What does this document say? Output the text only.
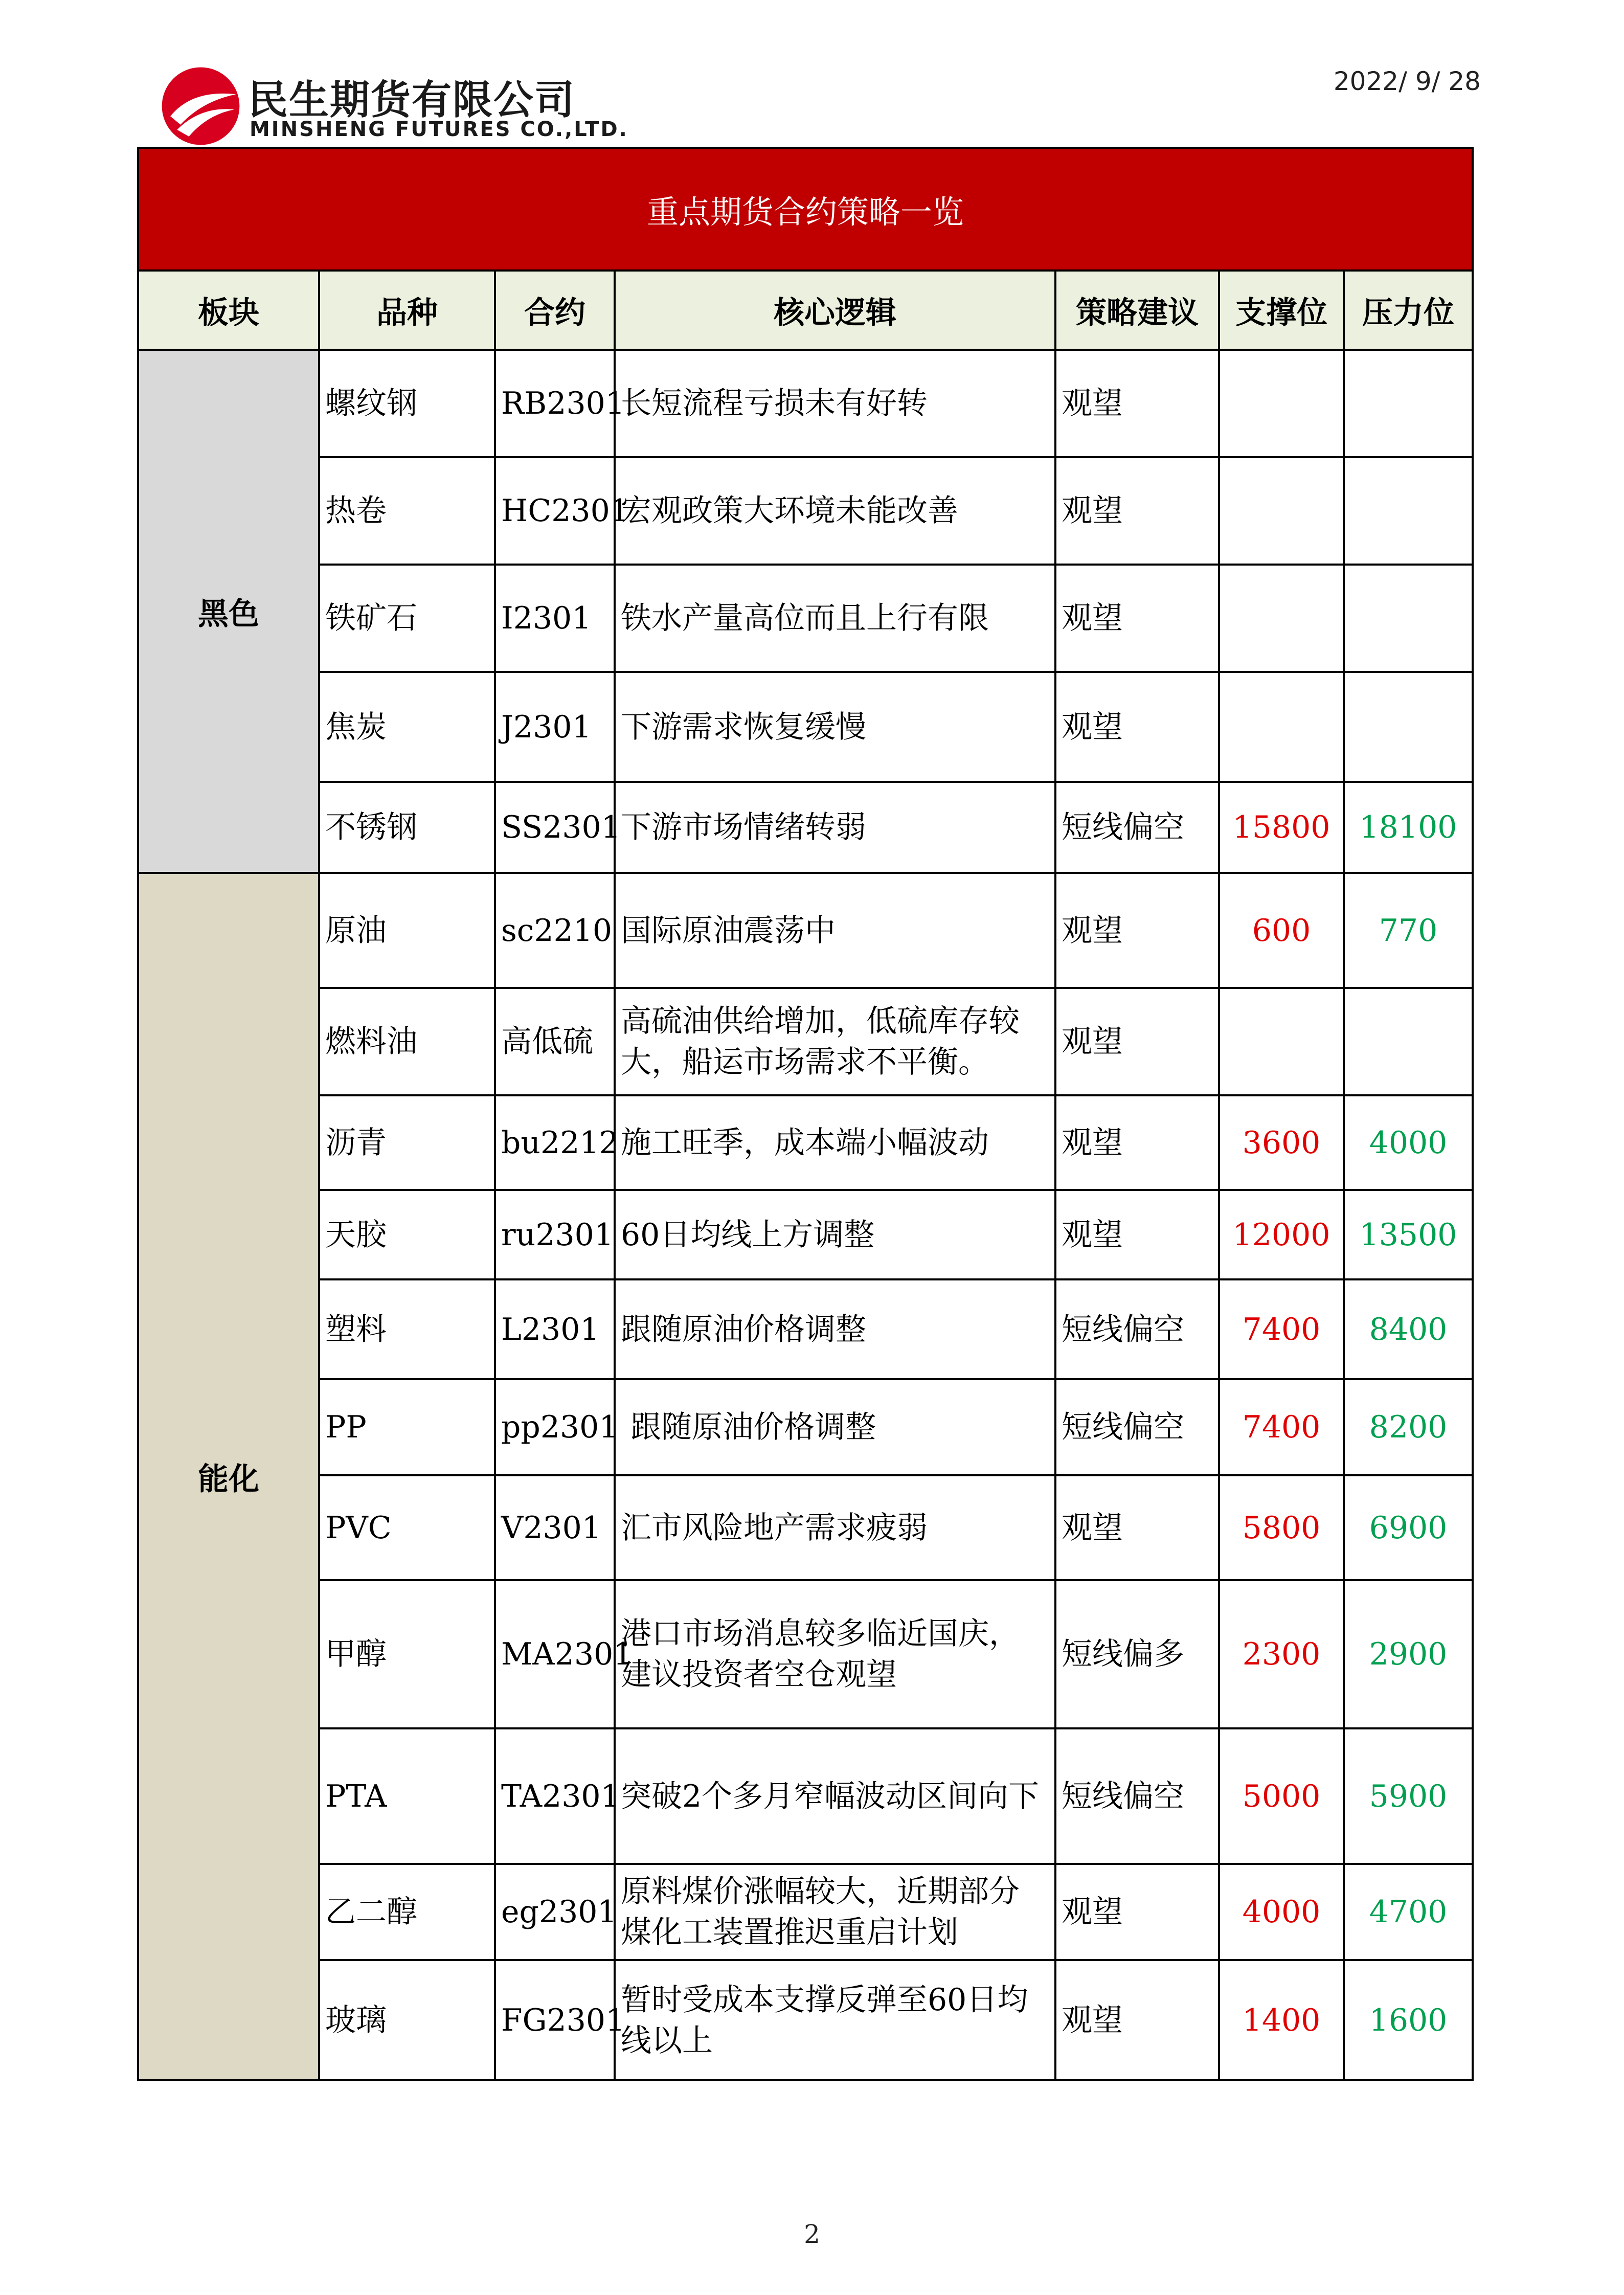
民生期货有限公司
MINSHENG FUTURES CO.,LTD.
2022/ 9/ 28
重点期货合约策略一览						
板块	品种	合约	核心逻辑	策略建议	支撑位	压力位
黑色	螺纹钢	RB2301	长短流程亏损未有好转	观望		
	热卷	HC2301	宏观政策大环境未能改善	观望		
	铁矿石	I2301	铁水产量高位而且上行有限	观望		
	焦炭	J2301	下游需求恢复缓慢	观望		
	不锈钢	SS2301	下游市场情绪转弱	短线偏空	15800	18100
能化	原油	sc2210	国际原油震荡中	观望	600	770
	燃料油	高低硫	高硫油供给增加，低硫库存较大，船运市场需求不平衡。	观望		
	沥青	bu2212	施工旺季，成本端小幅波动	观望	3600	4000
	天胶	ru2301	60日均线上方调整	观望	12000	13500
	塑料	L2301	跟随原油价格调整	短线偏空	7400	8400
	PP	pp2301	跟随原油价格调整	短线偏空	7400	8200
	PVC	V2301	汇市风险地产需求疲弱	观望	5800	6900
	甲醇	MA2301	港口市场消息较多临近国庆，建议投资者空仓观望	短线偏多	2300	2900
	PTA	TA2301	突破2个多月窄幅波动区间向下	短线偏空	5000	5900
	乙二醇	eg2301	原料煤价涨幅较大，近期部分煤化工装置推迟重启计划	观望	4000	4700
	玻璃	FG2301	暂时受成本支撑反弹至60日均线以上	观望	1400	1600
2
